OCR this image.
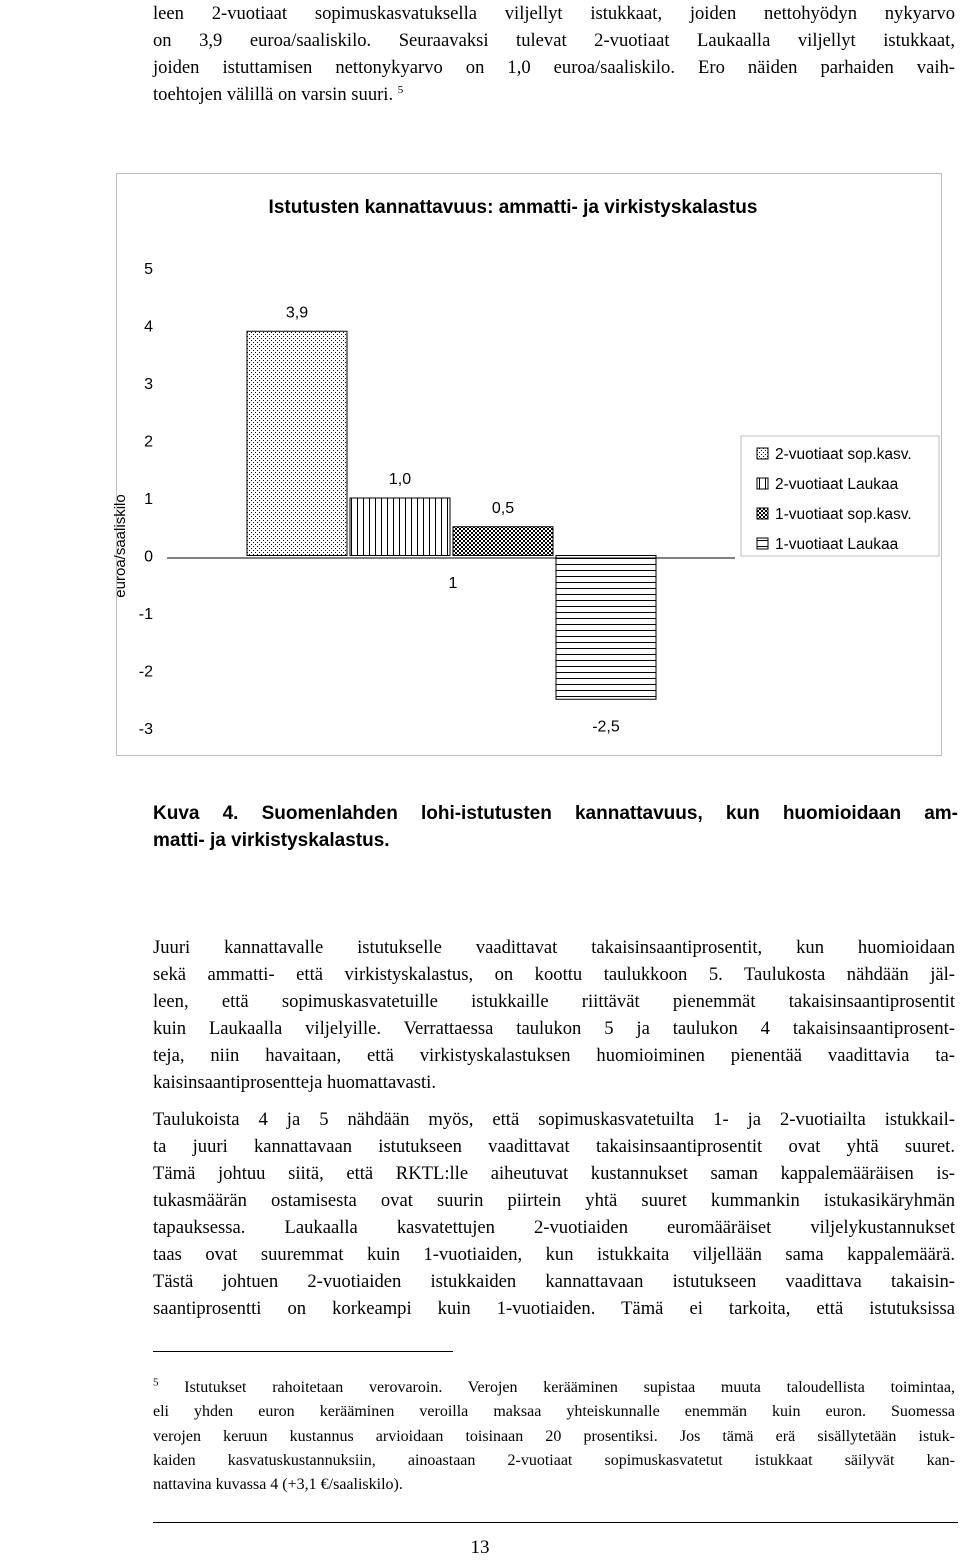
leen 2-vuotiaat sopimuskasvatuksella viljellyt istukkaat, joiden nettohyödyn nykyarvo
on 3,9 euroa/saaliskilo. Seuraavaksi tulevat 2-vuotiaat Laukaalla viljellyt istukkaat,
joiden istuttamisen nettonykyarvo on 1,0 euroa/saaliskilo. Ero näiden parhaiden vaih-
toehtojen välillä on varsin suuri. $^5$
Istutusten kannattavuus: ammatti- ja virkistyskalastus
euroa/saaliskilo
5
4
3
2
1
0
-1
-2
-3
3,9
1,0
0,5
-2,5
1
2-vuotiaat sop.kasv.
2-vuotiaat Laukaa
1-vuotiaat sop.kasv.
1-vuotiaat Laukaa
Kuva 4. Suomenlahden lohi-istutusten kannattavuus, kun huomioidaan am-
matti- ja virkistyskalastus.
Juuri kannattavalle istutukselle vaadittavat takaisinsaantiprosentit, kun huomioidaan
sekä ammatti- että virkistyskalastus, on koottu taulukkoon 5. Taulukosta nähdään jäl-
leen, että sopimuskasvatetuille istukkaille riittävät pienemmät takaisinsaantiprosentit
kuin Laukaalla viljelyille. Verrattaessa taulukon 5 ja taulukon 4 takaisinsaantiprosent-
teja, niin havaitaan, että virkistyskalastuksen huomioiminen pienentää vaadittavia ta-
kaisinsaantiprosentteja huomattavasti.
Taulukoista 4 ja 5 nähdään myös, että sopimuskasvatetuilta 1- ja 2-vuotiailta istukkail-
ta juuri kannattavaan istutukseen vaadittavat takaisinsaantiprosentit ovat yhtä suuret.
Tämä johtuu siitä, että RKTL:lle aiheutuvat kustannukset saman kappalemääräisen is-
tukasmäärän ostamisesta ovat suurin piirtein yhtä suuret kummankin istukasikäryhmän
tapauksessa. Laukaalla kasvatettujen 2-vuotiaiden euromääräiset viljelykustannukset
taas ovat suuremmat kuin 1-vuotiaiden, kun istukkaita viljellään sama kappalemäärä.
Tästä johtuen 2-vuotiaiden istukkaiden kannattavaan istutukseen vaadittava takaisin-
saantiprosentti on korkeampi kuin 1-vuotiaiden. Tämä ei tarkoita, että istutuksissa
$^5$ Istutukset rahoitetaan verovaroin. Verojen kerääminen supistaa muuta taloudellista toimintaa,
eli yhden euron kerääminen veroilla maksaa yhteiskunnalle enemmän kuin euron. Suomessa
verojen keruun kustannus arvioidaan toisinaan 20 prosentiksi. Jos tämä erä sisällytetään istuk-
kaiden kasvatuskustannuksiin, ainoastaan 2-vuotiaat sopimuskasvatetut istukkaat säilyvät kan-
nattavina kuvassa 4 (+3,1 €/saaliskilo).
13
